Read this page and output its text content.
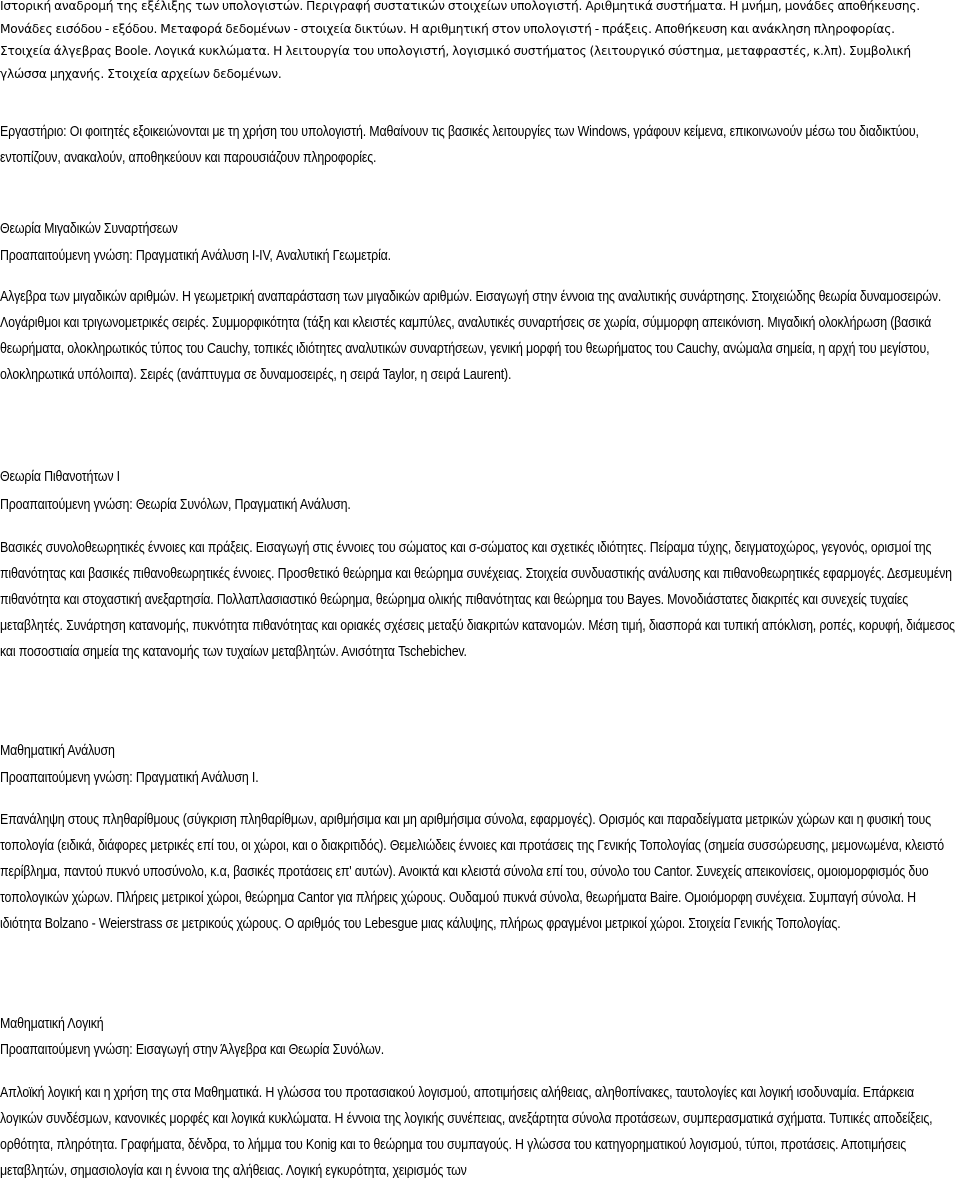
Ιστορική αναδρομή της εξέλιξης των υπολογιστών. Περιγραφή συστατικών στοιχείων υπολογιστή. Αριθμητικά συστήματα. Η μνήμη, μονάδες αποθήκευσης. Μονάδες εισόδου - εξόδου. Μεταφορά δεδομένων - στοιχεία δικτύων. Η αριθμητική στον υπολογιστή - πράξεις. Αποθήκευση και ανάκληση πληροφορίας. Στοιχεία άλγεβρας Boole. Λογικά κυκλώματα. Η λειτουργία του υπολογιστή, λογισμικό συστήματος (λειτουργικό σύστημα, μεταφραστές, κ.λπ). Συμβολική γλώσσα μηχανής. Στοιχεία αρχείων δεδομένων.

Εργαστήριο: Οι φοιτητές εξοικειώνονται με τη χρήση του υπολογιστή. Μαθαίνουν τις βασικές λειτουργίες των Windows, γράφουν κείμενα, επικοινωνούν μέσω του διαδικτύου, εντοπίζουν, ανακαλούν, αποθηκεύουν και παρουσιάζουν πληροφορίες.

Θεωρία Μιγαδικών Συναρτήσεων

Προαπαιτούμενη γνώση: Πραγματική Ανάλυση I-IV, Αναλυτική Γεωμετρία.

Αλγεβρα των μιγαδικών αριθμών. Η γεωμετρική αναπαράσταση των μιγαδικών αριθμών. Εισαγωγή στην έννοια της αναλυτικής συνάρτησης. Στοιχειώδης θεωρία δυναμοσειρών. Λογάριθμοι και τριγωνομετρικές σειρές. Συμμορφικότητα (τάξη και κλειστές καμπύλες, αναλυτικές συναρτήσεις σε χωρία, σύμμορφη απεικόνιση. Μιγαδική ολοκλήρωση (βασικά θεωρήματα, ολοκληρωτικός τύπος του Cauchy, τοπικές ιδιότητες αναλυτικών συναρτήσεων, γενική μορφή του θεωρήματος του Cauchy, ανώμαλα σημεία, η αρχή του μεγίστου, ολοκληρωτικά υπόλοιπα). Σειρές (ανάπτυγμα σε δυναμοσειρές, η σειρά Taylor, η σειρά Laurent).

Θεωρία Πιθανοτήτων I

Προαπαιτούμενη γνώση: Θεωρία Συνόλων, Πραγματική Ανάλυση.

Βασικές συνολοθεωρητικές έννοιες και πράξεις. Εισαγωγή στις έννοιες του σώματος και σ-σώματος και σχετικές ιδιότητες. Πείραμα τύχης, δειγματοχώρος, γεγονός, ορισμοί της πιθανότητας και βασικές πιθανοθεωρητικές έννοιες. Προσθετικό θεώρημα και θεώρημα συνέχειας. Στοιχεία συνδυαστικής ανάλυσης και πιθανοθεωρητικές εφαρμογές. Δεσμευμένη πιθανότητα και στοχαστική ανεξαρτησία. Πολλαπλασιαστικό θεώρημα, θεώρημα ολικής πιθανότητας και θεώρημα του Bayes. Μονοδιάστατες διακριτές και συνεχείς τυχαίες μεταβλητές. Συνάρτηση κατανομής, πυκνότητα πιθανότητας και οριακές σχέσεις μεταξύ διακριτών κατανομών. Μέση τιμή, διασπορά και τυπική απόκλιση, ροπές, κορυφή, διάμεσος και ποσοστιαία σημεία της κατανομής των τυχαίων μεταβλητών. Ανισότητα Tschebichev.

Μαθηματική Ανάλυση

Προαπαιτούμενη γνώση: Πραγματική Ανάλυση I.

Επανάληψη στους πληθαρίθμους (σύγκριση πληθαρίθμων, αριθμήσιμα και μη αριθμήσιμα σύνολα, εφαρμογές). Ορισμός και παραδείγματα μετρικών χώρων και η φυσική τους τοπολογία (ειδικά, διάφορες μετρικές επί του, οι χώροι, και ο διακριτιδός). Θεμελιώδεις έννοιες και προτάσεις της Γενικής Τοπολογίας (σημεία συσσώρευσης, μεμονωμένα, κλειστό περίβλημα, παντού πυκνό υποσύνολο, κ.α, βασικές προτάσεις επ' αυτών). Ανοικτά και κλειστά σύνολα επί του, σύνολο του Cantor. Συνεχείς απεικονίσεις, ομοιομορφισμός δυο τοπολογικών χώρων. Πλήρεις μετρικοί χώροι, θεώρημα Cantor για πλήρεις χώρους. Ουδαμού πυκνά σύνολα, θεωρήματα Baire. Ομοιόμορφη συνέχεια. Συμπαγή σύνολα. Η ιδιότητα Bolzano - Weierstrass σε μετρικούς χώρους. Ο αριθμός του Lebesgue μιας κάλυψης, πλήρως φραγμένοι μετρικοί χώροι. Στοιχεία Γενικής Τοπολογίας.

Μαθηματική Λογική

Προαπαιτούμενη γνώση: Εισαγωγή στην Άλγεβρα και Θεωρία Συνόλων.

Απλοϊκή λογική και η χρήση της στα Μαθηματικά. Η γλώσσα του προτασιακού λογισμού, αποτιμήσεις αλήθειας, αληθοπίνακες, ταυτολογίες και λογική ισοδυναμία. Επάρκεια λογικών συνδέσμων, κανονικές μορφές και λογικά κυκλώματα. Η έννοια της λογικής συνέπειας, ανεξάρτητα σύνολα προτάσεων, συμπερασματικά σχήματα. Τυπικές αποδείξεις, ορθότητα, πληρότητα. Γραφήματα, δένδρα, το λήμμα του Konig και το θεώρημα του συμπαγούς. Η γλώσσα του κατηγορηματικού λογισμού, τύποι, προτάσεις. Αποτιμήσεις μεταβλητών, σημασιολογία και η έννοια της αλήθειας. Λογική εγκυρότητα, χειρισμός των
